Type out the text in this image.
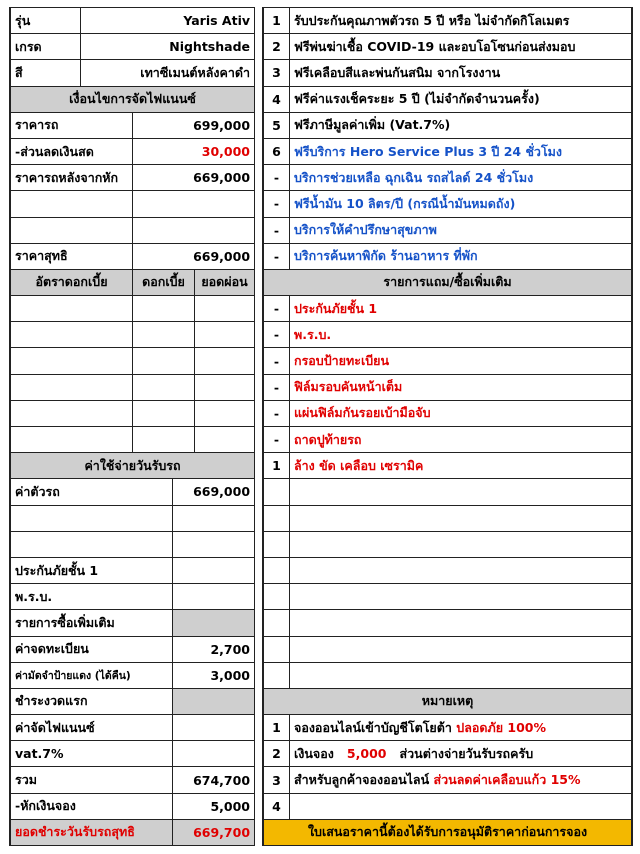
รุ่น	Yaris Ativ	
เกรด	Nightshade	
สี	เทาซีเมนต์หลังคาดำ	
เงื่อนไขการจัดไฟแนนซ์		
ราคารถ		699,000
-ส่วนลดเงินสด		30,000
ราคารถหลังจากหัก		669,000

ราคาสุทธิ		669,000
อัตราดอกเบี้ย	ดอกเบี้ย	ยอดผ่อน

ค่าใช้จ่ายวันรับรถ	
ค่าตัวรถ	669,000

ประกันภัยชั้น 1	
พ.ร.บ.	
รายการซื้อเพิ่มเติม	
ค่าจดทะเบียน	2,700
ค่ามัดจำป้ายแดง (ได้คืน)	3,000
ชำระงวดแรก	
ค่าจัดไฟแนนซ์	
vat.7%	
รวม	674,700
-หักเงินจอง	5,000
ยอดชำระวันรับรถสุทธิ	669,700
1	รับประกันคุณภาพตัวรถ 5 ปี หรือ ไม่จำกัดกิโลเมตร
2	ฟรีพ่นฆ่าเชื้อ COVID-19 และอบโอโซนก่อนส่งมอบ
3	ฟรีเคลือบสีและพ่นกันสนิม จากโรงงาน
4	ฟรีค่าแรงเช็คระยะ 5 ปี (ไม่จำกัดจำนวนครั้ง)
5	ฟรีภาษีมูลค่าเพิ่ม (Vat.7%)
6	ฟรีบริการ Hero Service Plus 3 ปี 24 ชั่วโมง
-	บริการช่วยเหลือ ฉุกเฉิน รถสไลด์ 24 ชั่วโมง
-	ฟรีน้ำมัน 10 ลิตร/ปี (กรณีน้ำมันหมดถัง)
-	บริการให้คำปรึกษาสุขภาพ
-	บริการค้นหาพิกัด ร้านอาหาร ที่พัก
รายการแถม/ซื้อเพิ่มเติม	
-	ประกันภัยชั้น 1
-	พ.ร.บ.
-	กรอบป้ายทะเบียน
-	ฟิล์มรอบคันหน้าเต็ม
-	แผ่นฟิล์มกันรอยเบ้ามือจับ
-	ถาดปูท้ายรถ
1	ล้าง ขัด เคลือบ เซรามิค

หมายเหตุ	
1	จองออนไลน์เข้าบัญชีโตโยต้า ปลอดภัย 100%
2	เงินจอง 5,000 ส่วนต่างจ่ายวันรับรถครับ
3	สำหรับลูกค้าจองออนไลน์ ส่วนลดค่าเคลือบแก้ว 15%
4	
ใบเสนอราคานี้ต้องได้รับการอนุมัติราคาก่อนการจอง	
